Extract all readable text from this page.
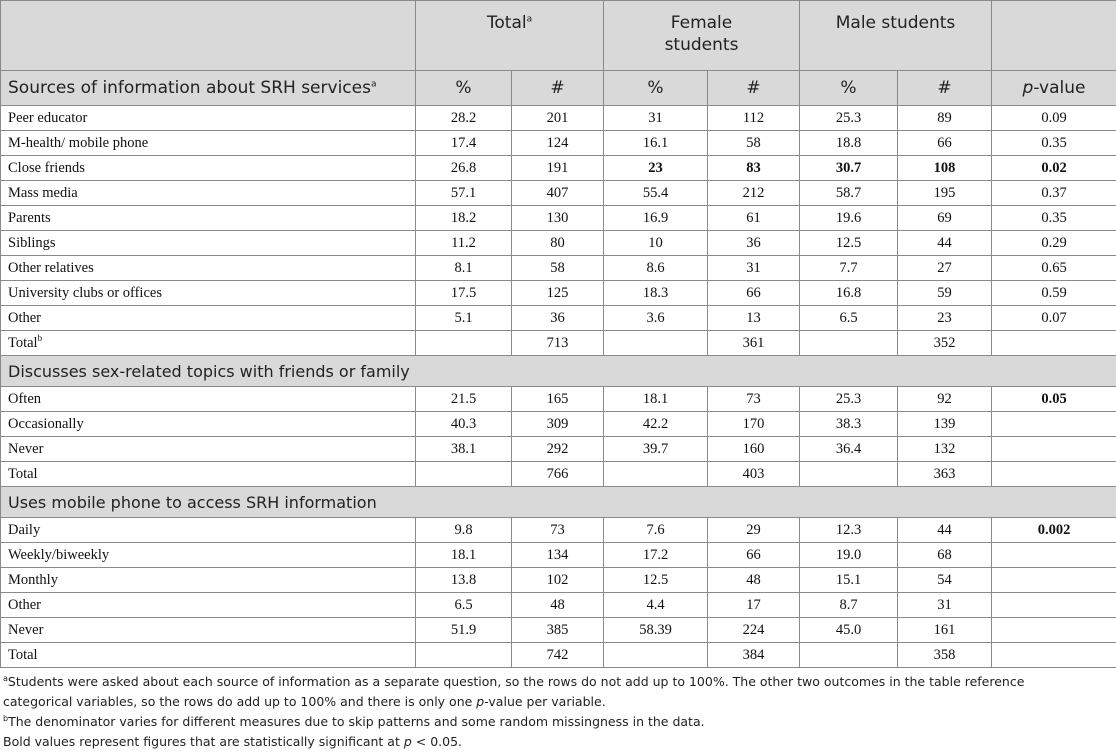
	Total$^a$		Female students		Male students		
Sources of information about SRH services$^a$	%	#	%	#	%	#	p-value
Peer educator	28.2	201	31	112	25.3	89	0.09
M-health/ mobile phone	17.4	124	16.1	58	18.8	66	0.35
Close friends	26.8	191	23	83	30.7	108	0.02
Mass media	57.1	407	55.4	212	58.7	195	0.37
Parents	18.2	130	16.9	61	19.6	69	0.35
Siblings	11.2	80	10	36	12.5	44	0.29
Other relatives	8.1	58	8.6	31	7.7	27	0.65
University clubs or offices	17.5	125	18.3	66	16.8	59	0.59
Other	5.1	36	3.6	13	6.5	23	0.07
Total$^b$		713		361		352	
Discusses sex-related topics with friends or family							
Often	21.5	165	18.1	73	25.3	92	0.05
Occasionally	40.3	309	42.2	170	38.3	139	
Never	38.1	292	39.7	160	36.4	132	
Total		766		403		363	
Uses mobile phone to access SRH information							
Daily	9.8	73	7.6	29	12.3	44	0.002
Weekly/biweekly	18.1	134	17.2	66	19.0	68	
Monthly	13.8	102	12.5	48	15.1	54	
Other	6.5	48	4.4	17	8.7	31	
Never	51.9	385	58.39	224	45.0	161	
Total		742		384		358	
$^a$Students were asked about each source of information as a separate question, so the rows do not add up to 100%. The other two outcomes in the table reference
categorical variables, so the rows do add up to 100% and there is only one p-value per variable.
$^b$The denominator varies for different measures due to skip patterns and some random missingness in the data.
Bold values represent figures that are statistically significant at p < 0.05.
